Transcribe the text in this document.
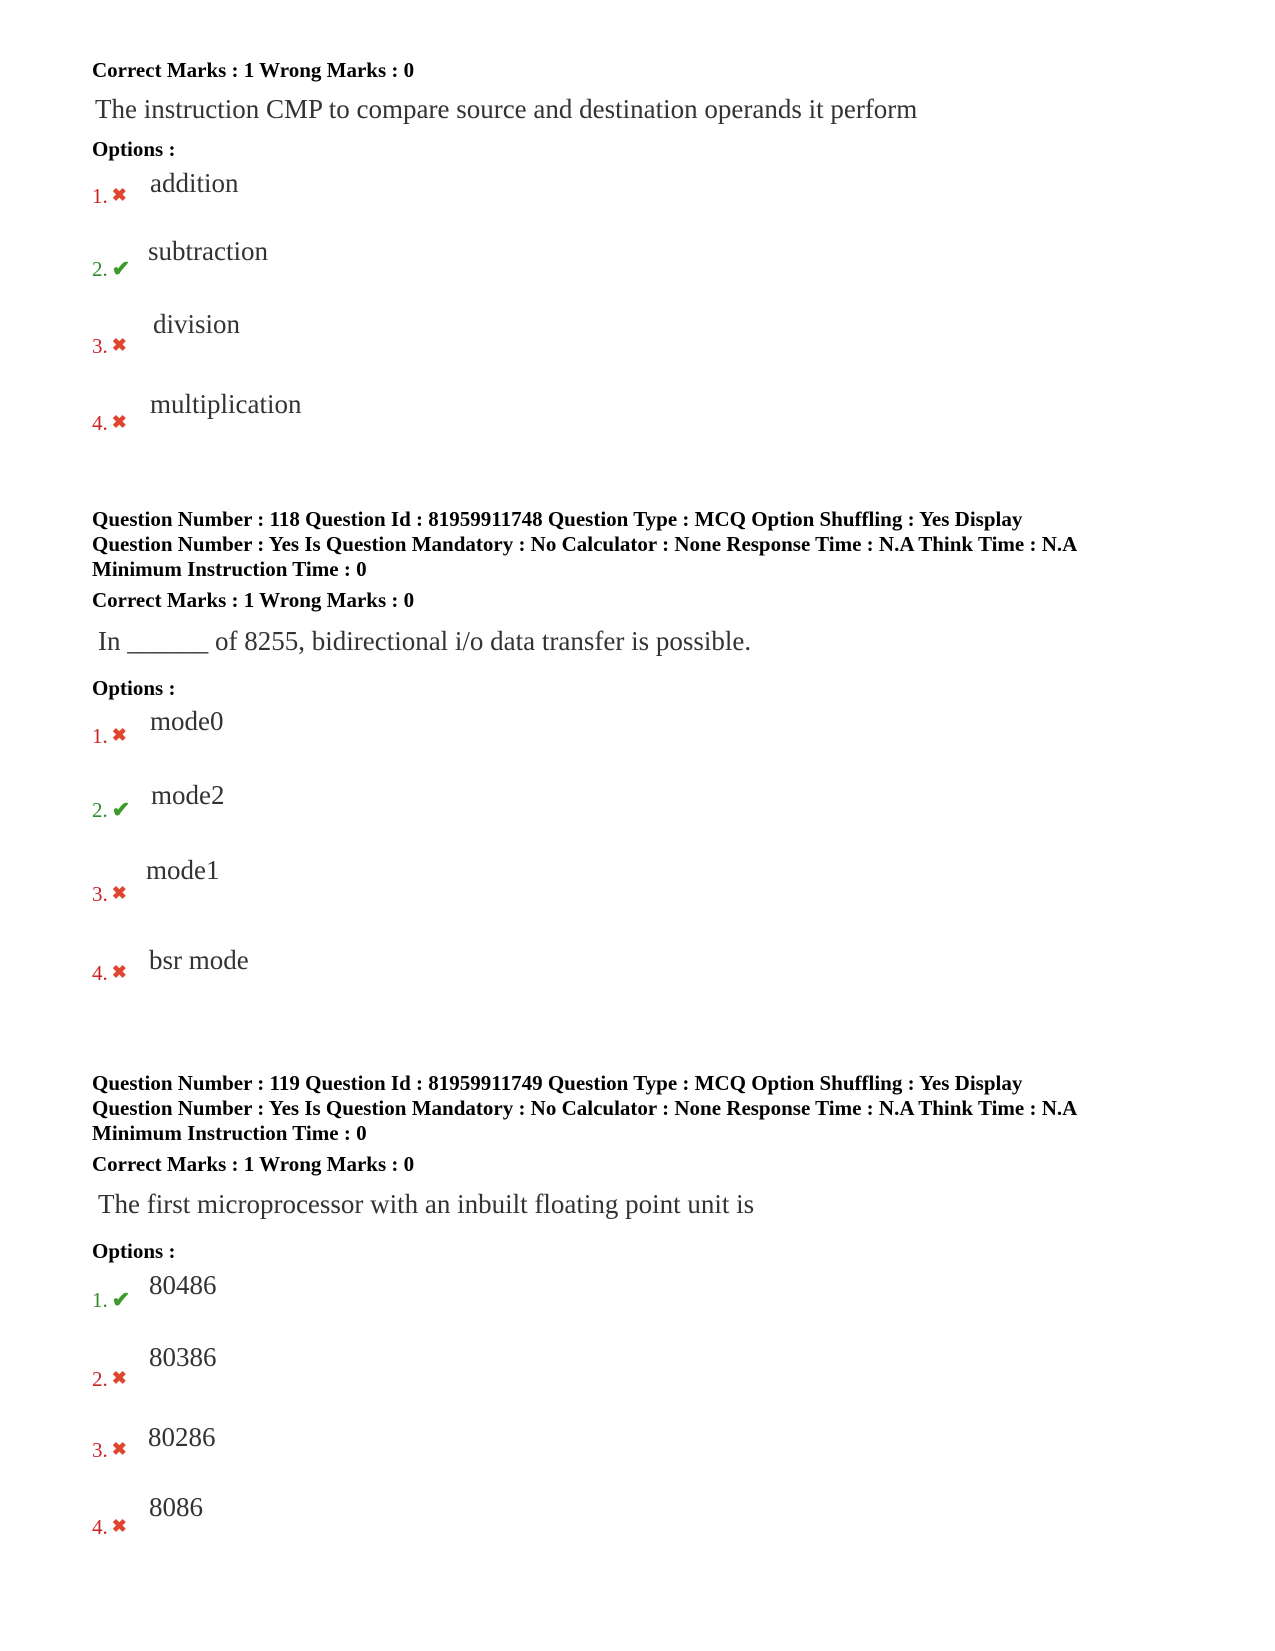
Correct Marks : 1 Wrong Marks : 0
The instruction CMP to compare source and destination operands it perform
Options :
1. ✖ addition
2. ✔
subtraction
3. ✖
division
4. ✖
multiplication
Question Number : 118 Question Id : 81959911748 Question Type : MCQ Option Shuffling : Yes Display
Question Number : Yes Is Question Mandatory : No Calculator : None Response Time : N.A Think Time : N.A
Minimum Instruction Time : 0
Correct Marks : 1 Wrong Marks : 0
In ______ of 8255, bidirectional i/o data transfer is possible.
Options :
1. ✖ mode0
2. ✔ mode2
3. ✖
mode1
4. ✖ bsr mode
Question Number : 119 Question Id : 81959911749 Question Type : MCQ Option Shuffling : Yes Display
Question Number : Yes Is Question Mandatory : No Calculator : None Response Time : N.A Think Time : N.A
Minimum Instruction Time : 0
Correct Marks : 1 Wrong Marks : 0
The first microprocessor with an inbuilt floating point unit is
Options :
1. ✔ 80486
2. ✖
80386
3. ✖ 80286
4. ✖
8086
